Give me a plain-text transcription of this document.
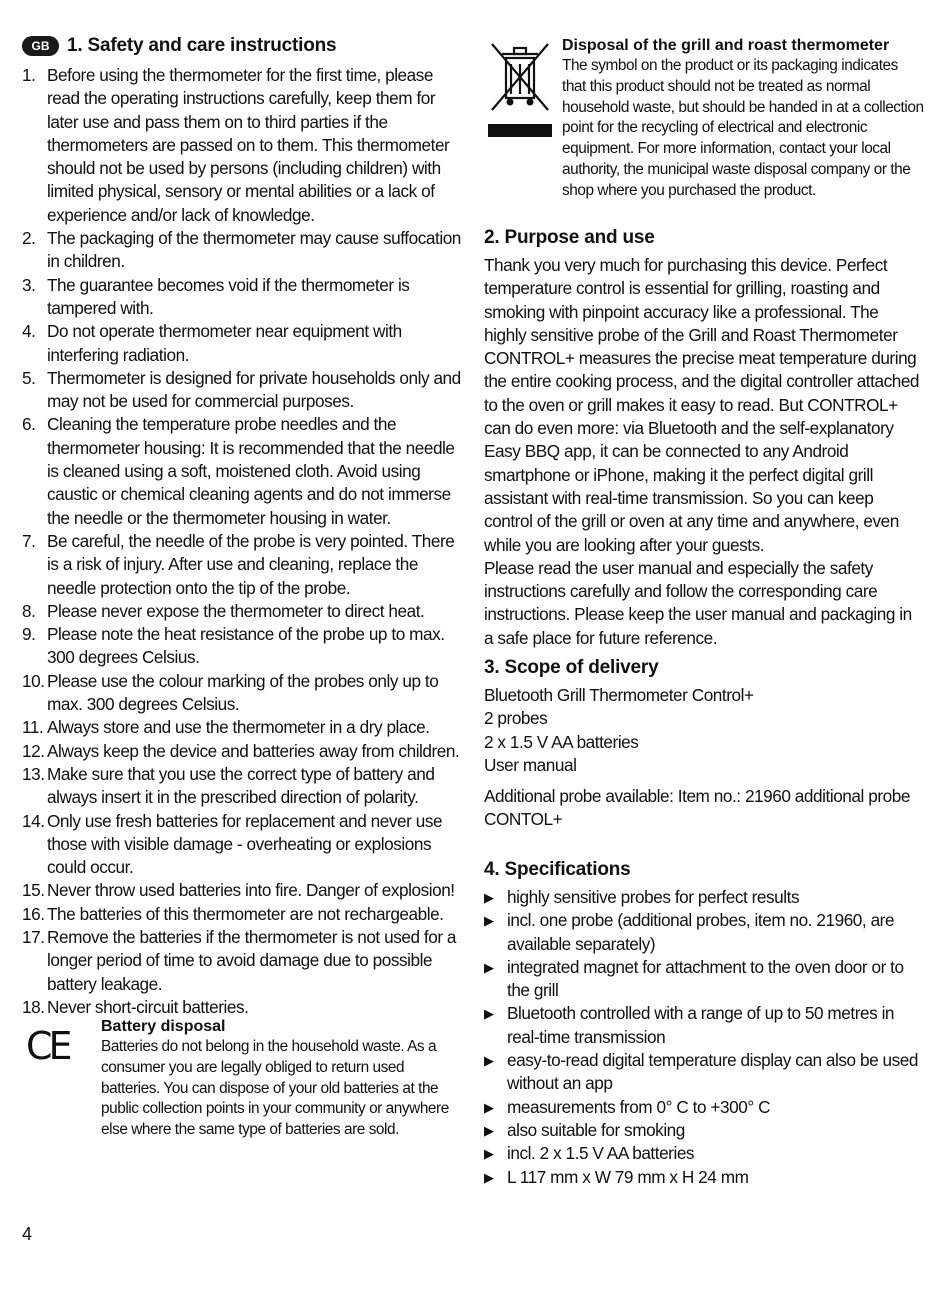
GB 1. Safety and care instructions
1. Before using the thermometer for the first time, please read the operating instructions carefully, keep them for later use and pass them on to third parties if the thermometers are passed on to them. This thermometer should not be used by persons (including children) with limited physical, sensory or mental abilities or a lack of experience and/or lack of knowledge.
2. The packaging of the thermometer may cause suffocation in children.
3. The guarantee becomes void if the thermometer is tampered with.
4. Do not operate thermometer near equipment with interfering radiation.
5. Thermometer is designed for private households only and may not be used for commercial purposes.
6. Cleaning the temperature probe needles and the thermometer housing: It is recommended that the needle is cleaned using a soft, moistened cloth. Avoid using caustic or chemical cleaning agents and do not immerse the needle or the thermometer housing in water.
7. Be careful, the needle of the probe is very pointed. There is a risk of injury. After use and cleaning, replace the needle protection onto the tip of the probe.
8. Please never expose the thermometer to direct heat.
9. Please note the heat resistance of the probe up to max. 300 degrees Celsius.
10. Please use the colour marking of the probes only up to max. 300 degrees Celsius.
11. Always store and use the thermometer in a dry place.
12. Always keep the device and batteries away from children.
13. Make sure that you use the correct type of battery and always insert it in the prescribed direction of polarity.
14. Only use fresh batteries for replacement and never use those with visible damage - overheating or explosions could occur.
15. Never throw used batteries into fire. Danger of explosion!
16. The batteries of this thermometer are not rechargeable.
17. Remove the batteries if the thermometer is not used for a longer period of time to avoid damage due to possible battery leakage.
18. Never short-circuit batteries.
CE Battery disposal
Batteries do not belong in the household waste. As a consumer you are legally obliged to return used batteries. You can dispose of your old batteries at the public collection points in your community or anywhere else where the same type of batteries are sold.
Disposal of the grill and roast thermometer
The symbol on the product or its packaging indicates that this product should not be treated as normal household waste, but should be handed in at a collection point for the recycling of electrical and electronic equipment. For more information, contact your local authority, the municipal waste disposal company or the shop where you purchased the product.
2. Purpose and use
Thank you very much for purchasing this device. Perfect temperature control is essential for grilling, roasting and smoking with pinpoint accuracy like a professional. The highly sensitive probe of the Grill and Roast Thermometer CONTROL+ measures the precise meat temperature during the entire cooking process, and the digital controller attached to the oven or grill makes it easy to read. But CONTROL+ can do even more: via Bluetooth and the self-explanatory Easy BBQ app, it can be connected to any Android smartphone or iPhone, making it the perfect digital grill assistant with real-time transmission. So you can keep control of the grill or oven at any time and anywhere, even while you are looking after your guests.
Please read the user manual and especially the safety instructions carefully and follow the corresponding care instructions. Please keep the user manual and packaging in a safe place for future reference.
3. Scope of delivery
Bluetooth Grill Thermometer Control+
2 probes
2 x 1.5 V AA batteries
User manual
Additional probe available: Item no.: 21960 additional probe CONTOL+
4. Specifications
▶ highly sensitive probes for perfect results
▶ incl. one probe (additional probes, item no. 21960, are available separately)
▶ integrated magnet for attachment to the oven door or to the grill
▶ Bluetooth controlled with a range of up to 50 metres in real-time transmission
▶ easy-to-read digital temperature display can also be used without an app
▶ measurements from 0° C to +300° C
▶ also suitable for smoking
▶ incl. 2 x 1.5 V AA batteries
▶ L 117 mm x W 79 mm x H 24 mm
4
